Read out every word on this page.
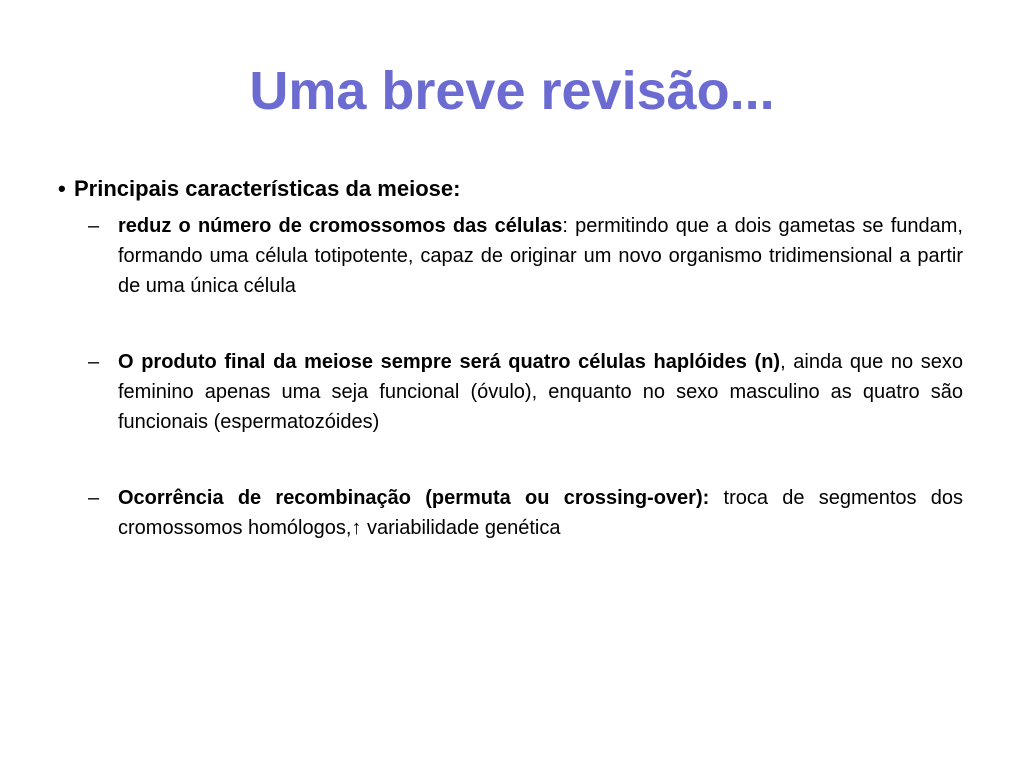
Uma breve revisão...
• Principais características da meiose:
– reduz o número de cromossomos das células: permitindo que a dois gametas se fundam, formando uma célula totipotente, capaz de originar um novo organismo tridimensional a partir de uma única célula
– O produto final da meiose sempre será quatro células haplóides (n), ainda que no sexo feminino apenas uma seja funcional (óvulo), enquanto no sexo masculino as quatro são funcionais (espermatozóides)
– Ocorrência de recombinação (permuta ou crossing-over): troca de segmentos dos cromossomos homólogos,↑ variabilidade genética
